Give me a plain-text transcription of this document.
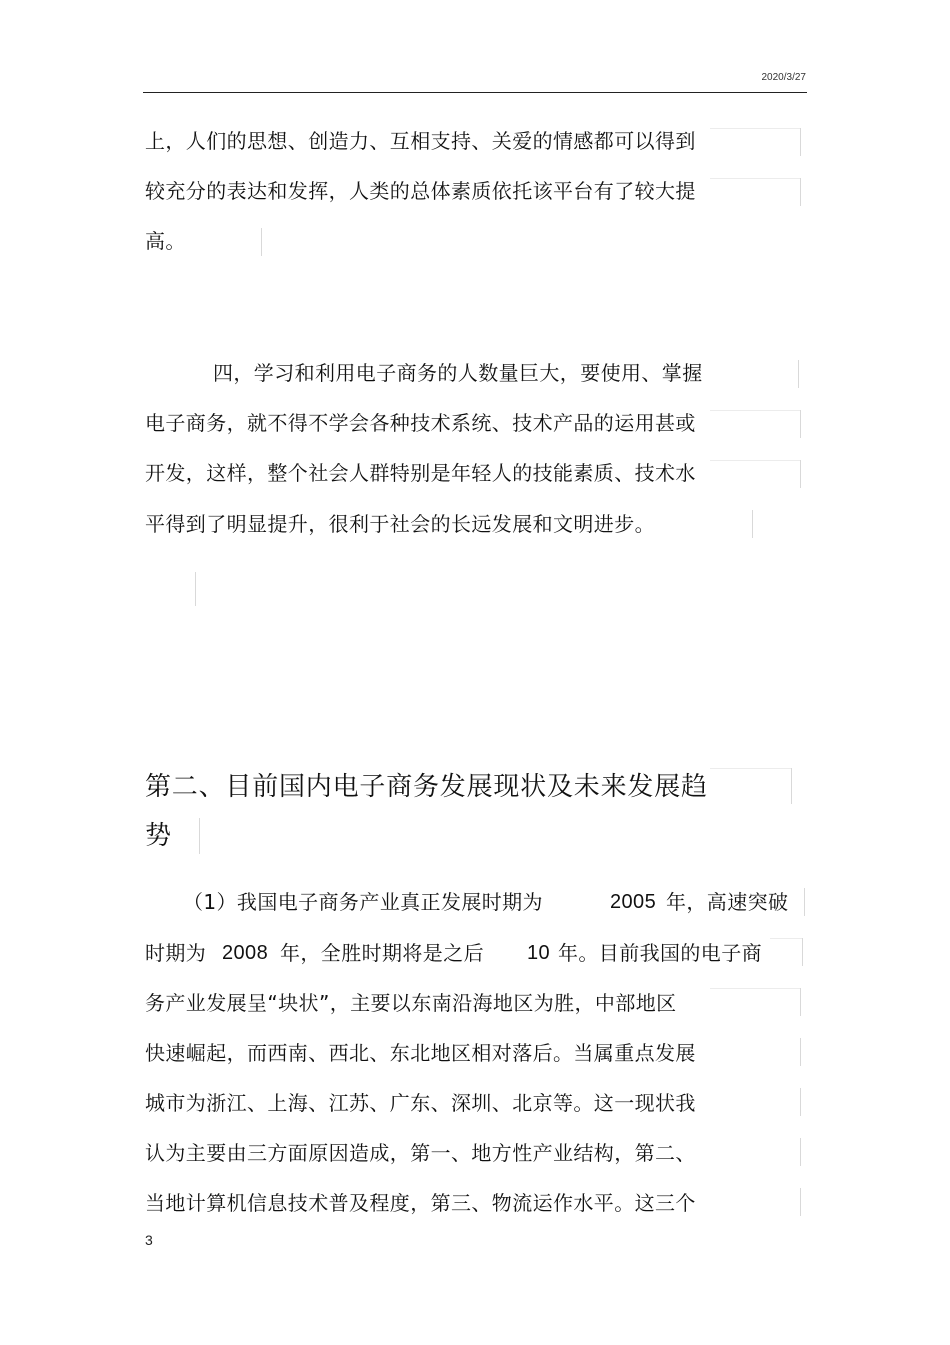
2020/3/27
上，人们的思想、创造力、互相支持、关爱的情感都可以得到
较充分的表达和发挥，人类的总体素质依托该平台有了较大提
高。
四，学习和利用电子商务的人数量巨大，要使用、掌握
电子商务，就不得不学会各种技术系统、技术产品的运用甚或
开发，这样，整个社会人群特别是年轻人的技能素质、技术水
平得到了明显提升，很利于社会的长远发展和文明进步。
第二、目前国内电子商务发展现状及未来发展趋
势
（1）我国电子商务产业真正发展时期为	2005 年，高速突破
时期为 2008 年，全胜时期将是之后 10 年。目前我国的电子商
务产业发展呈“块状”，主要以东南沿海地区为胜，中部地区
快速崛起，而西南、西北、东北地区相对落后。当属重点发展
城市为浙江、上海、江苏、广东、深圳、北京等。这一现状我
认为主要由三方面原因造成，第一、地方性产业结构，第二、
当地计算机信息技术普及程度，第三、物流运作水平。这三个
3
